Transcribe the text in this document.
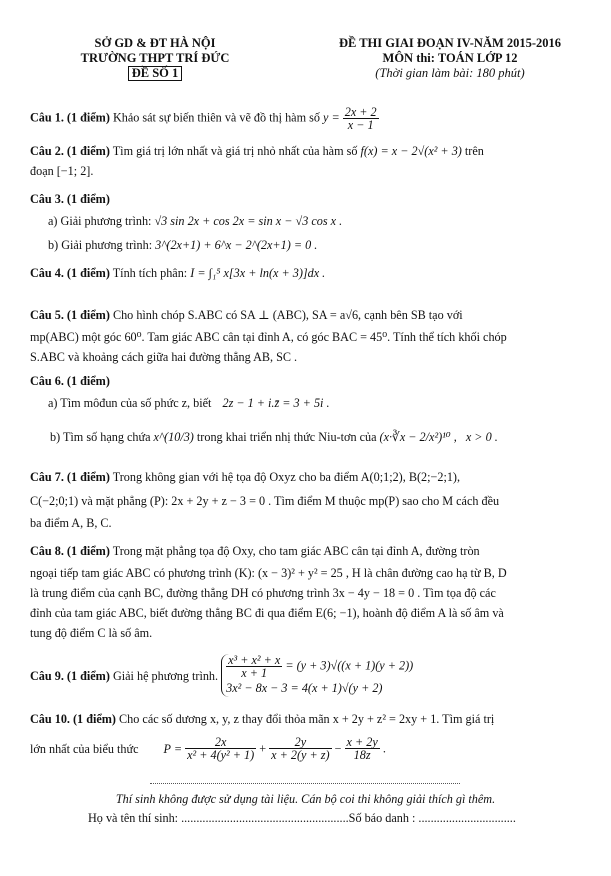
SỞ GD & ĐT HÀ NỘI
TRƯỜNG THPT TRÍ ĐỨC
ĐỀ SỐ 1
ĐỀ THI GIAI ĐOẠN IV-NĂM 2015-2016
MÔN thi: TOÁN LỚP 12
(Thời gian làm bài: 180 phút)
Câu 1. (1 điểm) Khảo sát sự biến thiên và vẽ đồ thị hàm số $y = \frac{2x + 2}{x - 1}$
Câu 2. (1 điểm) Tìm giá trị lớn nhất và giá trị nhỏ nhất của hàm số f(x) = x − 2√(x² + 3) trên
đoạn [−1; 2].
Câu 3. (1 điểm)
a) Giải phương trình: √3 sin 2x + cos 2x = sin x − √3 cos x .
b) Giải phương trình: 3^(2x+1) + 6^x − 2^(2x+1) = 0 .
Câu 4. (1 điểm) Tính tích phân: I = ∫₁⁵ x[3x + ln(x + 3)]dx .
Câu 5. (1 điểm) Cho hình chóp S.ABC có SA ⊥ (ABC), SA = a√6, cạnh bên SB tạo với
mp(ABC) một góc 60⁰. Tam giác ABC cân tại đỉnh A, có góc BAC = 45⁰. Tính thể tích khối chóp
S.ABC và khoảng cách giữa hai đường thẳng AB, SC .
Câu 6. (1 điểm)
a) Tìm môđun của số phức z, biết 2z − 1 + i.z̄ = 3 + 5i .
b) Tìm số hạng chứa x^(10/3) trong khai triển nhị thức Niu-tơn của (x·∛x − 2/x²)¹⁰ , x > 0 .
Câu 7. (1 điểm) Trong không gian với hệ tọa độ Oxyz cho ba điểm A(0;1;2), B(2;−2;1),
C(−2;0;1) và mặt phẳng (P): 2x + 2y + z − 3 = 0 . Tìm điểm M thuộc mp(P) sao cho M cách đều
ba điểm A, B, C.
Câu 8. (1 điểm) Trong mặt phẳng tọa độ Oxy, cho tam giác ABC cân tại đỉnh A, đường tròn
ngoại tiếp tam giác ABC có phương trình (K): (x − 3)² + y² = 25 , H là chân đường cao hạ từ B, D
là trung điểm của cạnh BC, đường thẳng DH có phương trình 3x − 4y − 18 = 0 . Tìm tọa độ các
đỉnh của tam giác ABC, biết đường thẳng BC đi qua điểm E(6; −1), hoành độ điểm A là số âm và
tung độ điểm C là số âm.
Câu 9. (1 điểm) Giải hệ phương trình. $\frac{\text{x³ + x² + x}}{x + 1} = (y + 3)√((x + 1)(y + 2))$
3x² − 8x − 3 = 4(x + 1)√(y + 2)
Câu 10. (1 điểm) Cho các số dương x, y, z thay đổi thỏa mãn x + 2y + z² = 2xy + 1. Tìm giá trị
lớn nhất của biểu thức $P = \frac{2x}{\text{x² + 4(y² + 1)}} + \frac{2y}{x + 2(y + z)} - \frac{x + 2y}{18z}$ .
Thí sinh không được sử dụng tài liệu. Cán bộ coi thi không giải thích gì thêm.
Họ và tên thí sinh: .......................................................Số báo danh : ................................
